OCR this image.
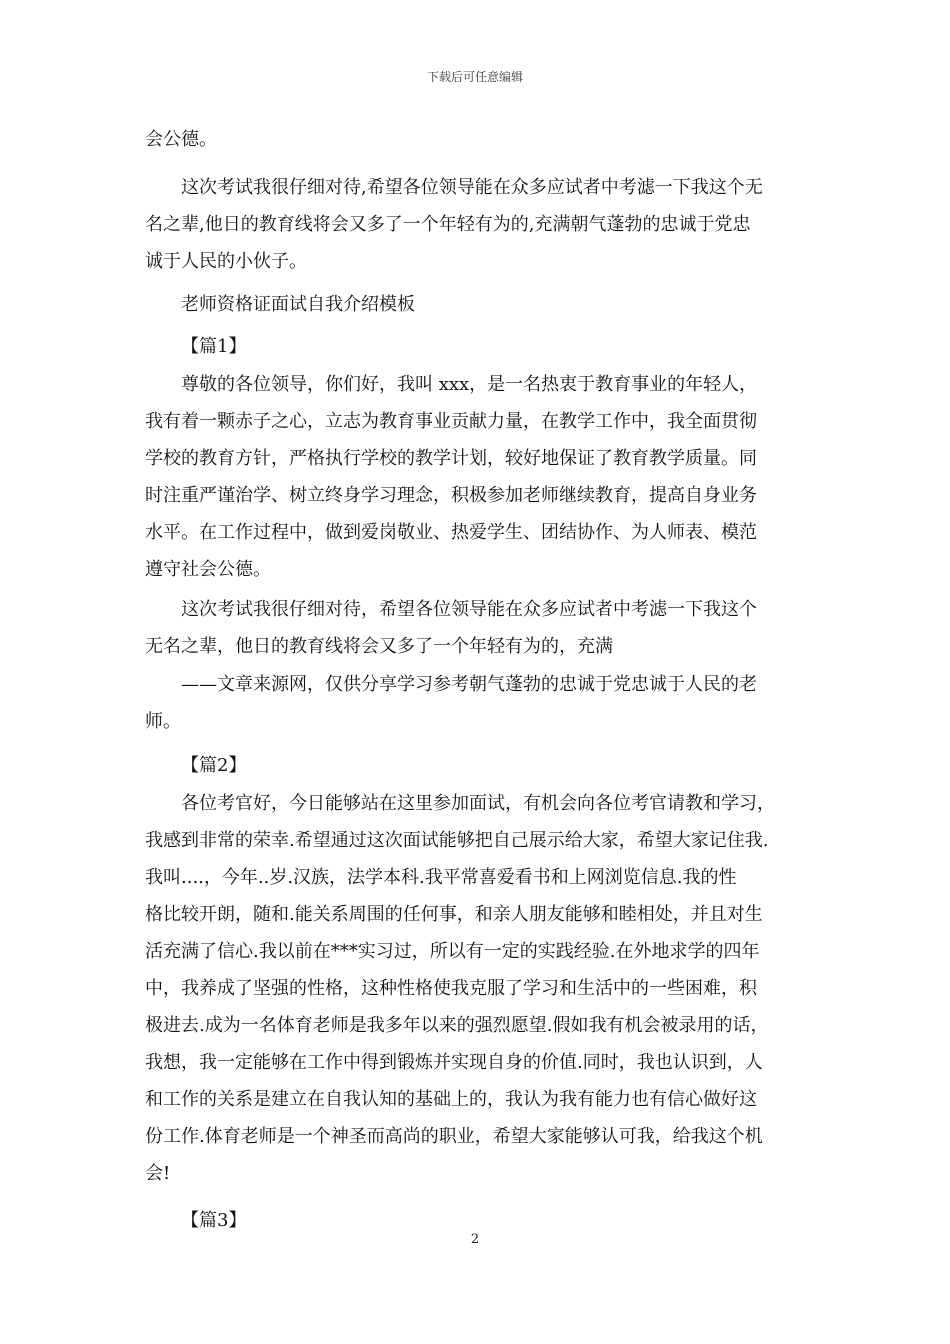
下载后可任意编辑
会公德。
这次考试我很仔细对待,希望各位领导能在众多应试者中考滤一下我这个无
名之辈,他日的教育线将会又多了一个年轻有为的,充满朝气蓬勃的忠诚于党忠
诚于人民的小伙子。
老师资格证面试自我介绍模板
【篇1】
尊敬的各位领导，你们好，我叫 xxx，是一名热衷于教育事业的年轻人，
我有着一颗赤子之心，立志为教育事业贡献力量，在教学工作中，我全面贯彻
学校的教育方针，严格执行学校的教学计划，较好地保证了教育教学质量。同
时注重严谨治学、树立终身学习理念，积极参加老师继续教育，提高自身业务
水平。在工作过程中，做到爱岗敬业、热爱学生、团结协作、为人师表、模范
遵守社会公德。
这次考试我很仔细对待，希望各位领导能在众多应试者中考滤一下我这个
无名之辈，他日的教育线将会又多了一个年轻有为的，充满
——文章来源网，仅供分享学习参考朝气蓬勃的忠诚于党忠诚于人民的老
师。
【篇2】
各位考官好，今日能够站在这里参加面试，有机会向各位考官请教和学习，
我感到非常的荣幸.希望通过这次面试能够把自己展示给大家，希望大家记住我.
我叫....，今年..岁.汉族，法学本科.我平常喜爱看书和上网浏览信息.我的性
格比较开朗，随和.能关系周围的任何事，和亲人朋友能够和睦相处，并且对生
活充满了信心.我以前在***实习过，所以有一定的实践经验.在外地求学的四年
中，我养成了坚强的性格，这种性格使我克服了学习和生活中的一些困难，积
极进去.成为一名体育老师是我多年以来的强烈愿望.假如我有机会被录用的话，
我想，我一定能够在工作中得到锻炼并实现自身的价值.同时，我也认识到，人
和工作的关系是建立在自我认知的基础上的，我认为我有能力也有信心做好这
份工作.体育老师是一个神圣而高尚的职业，希望大家能够认可我，给我这个机
会!
【篇3】
2
